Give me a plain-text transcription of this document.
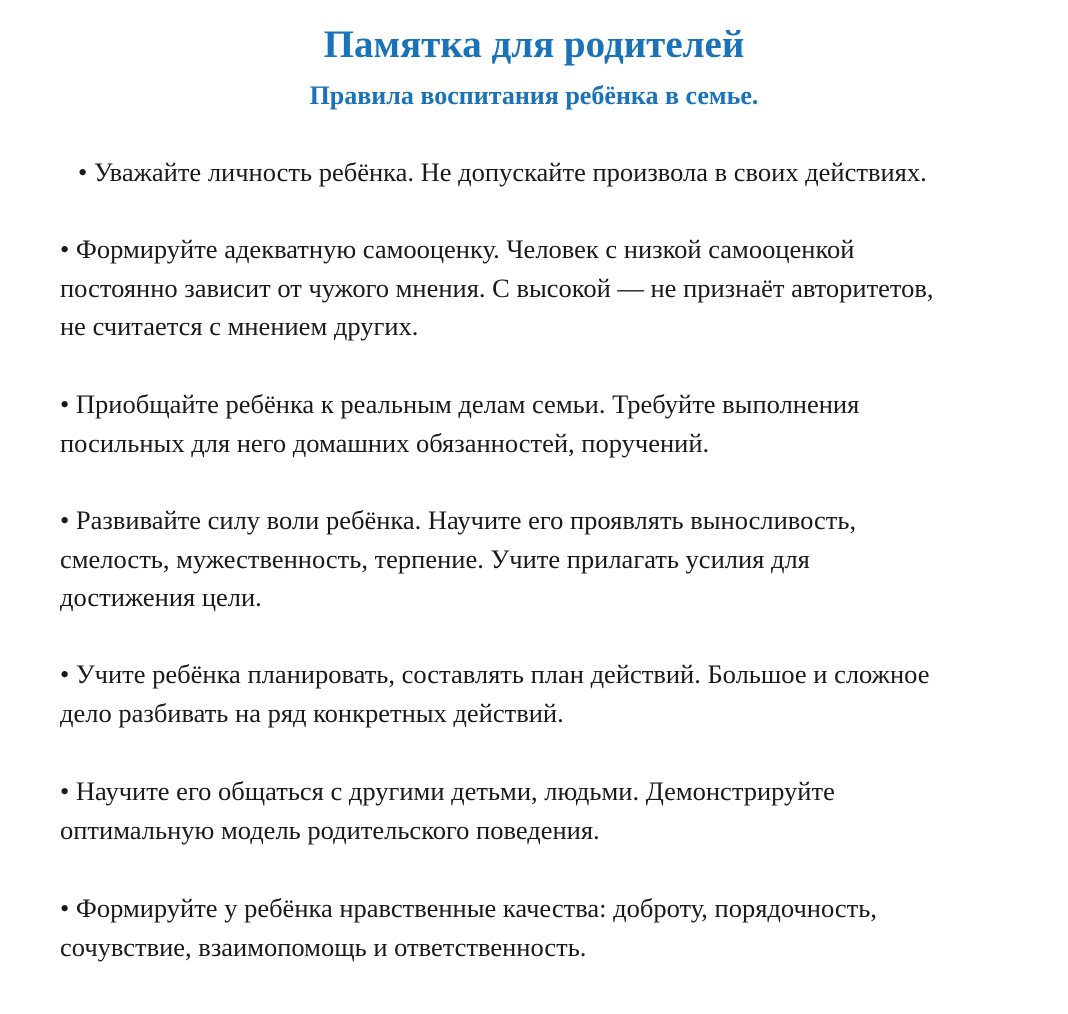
Памятка для родителей
Правила воспитания ребёнка в семье.

• Уважайте личность ребёнка. Не допускайте произвола в своих действиях.

• Формируйте адекватную самооценку. Человек с низкой самооценкой
постоянно зависит от чужого мнения. С высокой — не признаёт авторитетов,
не считается с мнением других.

• Приобщайте ребёнка к реальным делам семьи. Требуйте выполнения
посильных для него домашних обязанностей, поручений.

• Развивайте силу воли ребёнка. Научите его проявлять выносливость,
смелость, мужественность, терпение. Учите прилагать усилия для
достижения цели.

• Учите ребёнка планировать, составлять план действий. Большое и сложное
дело разбивать на ряд конкретных действий.

• Научите его общаться с другими детьми, людьми. Демонстрируйте
оптимальную модель родительского поведения.

• Формируйте у ребёнка нравственные качества: доброту, порядочность,
сочувствие, взаимопомощь и ответственность.
